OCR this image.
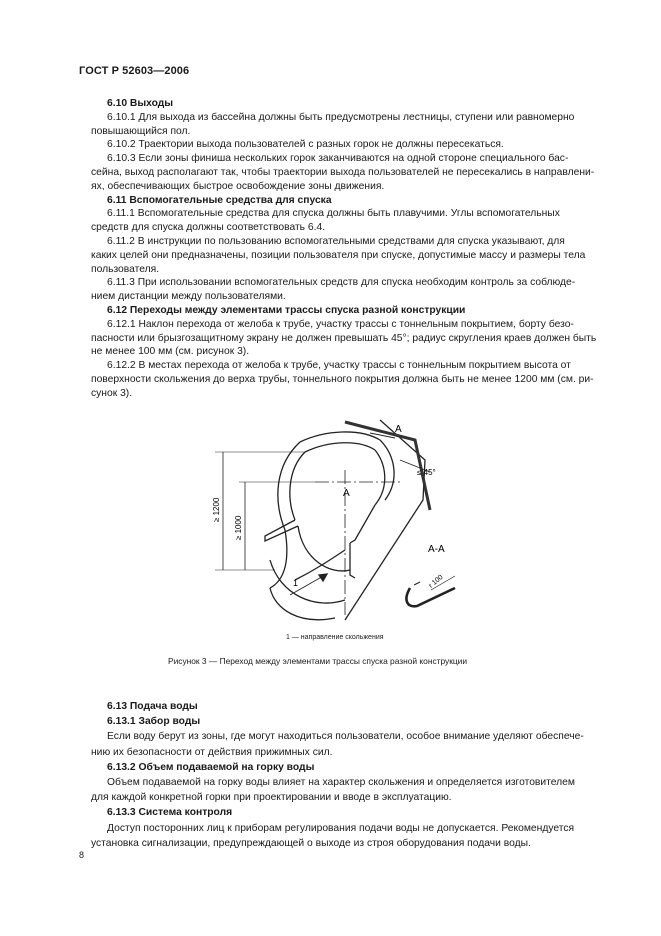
ГОСТ Р 52603—2006
6.10 Выходы
6.10.1 Для выхода из бассейна должны быть предусмотрены лестницы, ступени или равномерно
повышающийся пол.
6.10.2 Траектории выхода пользователей с разных горок не должны пересекаться.
6.10.3 Если зоны финиша нескольких горок заканчиваются на одной стороне специального бас-
сейна, выход располагают так, чтобы траектории выхода пользователей не пересекались в направлени-
ях, обеспечивающих быстрое освобождение зоны движения.
6.11 Вспомогательные средства для спуска
6.11.1 Вспомогательные средства для спуска должны быть плавучими. Углы вспомогательных
средств для спуска должны соответствовать 6.4.
6.11.2 В инструкции по пользованию вспомогательными средствами для спуска указывают, для
каких целей они предназначены, позиции пользователя при спуске, допустимые массу и размеры тела
пользователя.
6.11.3 При использовании вспомогательных средств для спуска необходим контроль за соблюде-
нием дистанции между пользователями.
6.12 Переходы между элементами трассы спуска разной конструкции
6.12.1 Наклон перехода от желоба к трубе, участку трассы с тоннельным покрытием, борту безо-
пасности или брызгозащитному экрану не должен превышать 45°; радиус скругления краев должен быть
не менее 100 мм (см. рисунок 3).
6.12.2 В местах перехода от желоба к трубе, участку трассы с тоннельным покрытием высота от
поверхности скольжения до верха трубы, тоннельного покрытия должна быть не менее 1200 мм (см. ри-
сунок 3).
A
A
≤ 45°
≥ 1200
≥ 1000
1
A-A
r 100
1 — направление скольжения
Рисунок 3 — Переход между элементами трассы спуска разной конструкции
6.13 Подача воды
6.13.1 Забор воды
Если воду берут из зоны, где могут находиться пользователи, особое внимание уделяют обеспече-
нию их безопасности от действия прижимных сил.
6.13.2 Объем подаваемой на горку воды
Объем подаваемой на горку воды влияет на характер скольжения и определяется изготовителем
для каждой конкретной горки при проектировании и вводе в эксплуатацию.
6.13.3 Система контроля
Доступ посторонних лиц к приборам регулирования подачи воды не допускается. Рекомендуется
установка сигнализации, предупреждающей о выходе из строя оборудования подачи воды.
8
